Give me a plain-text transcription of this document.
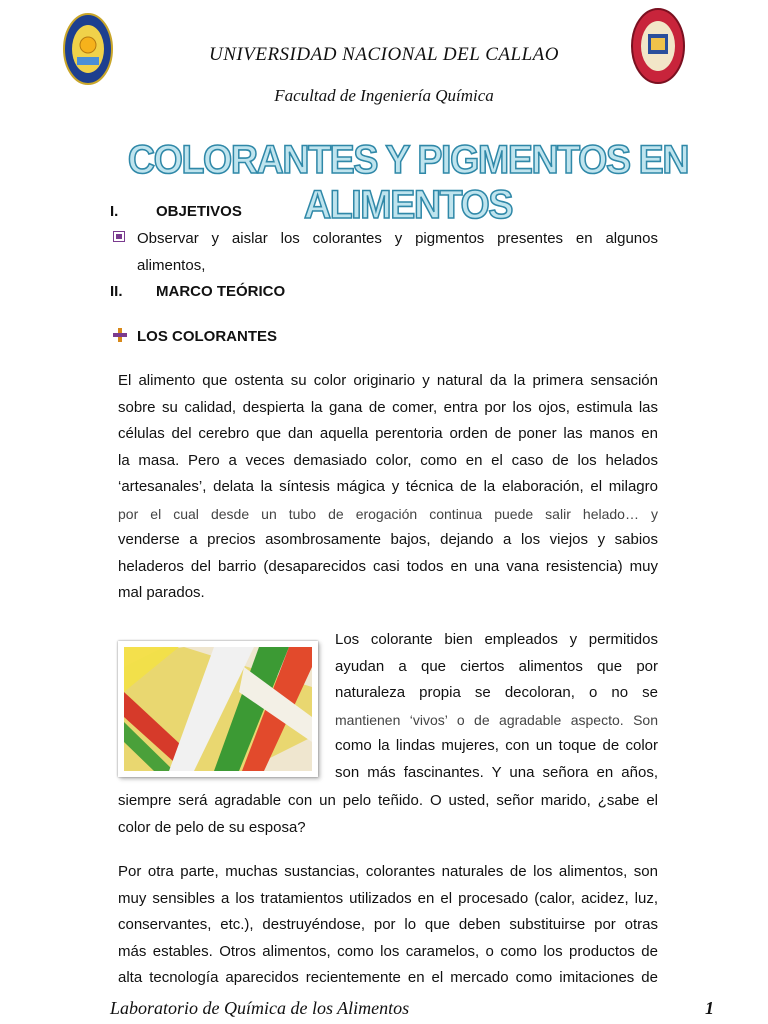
UNIVERSIDAD NACIONAL DEL CALLAO
Facultad de Ingeniería Química
COLORANTES Y PIGMENTOS EN ALIMENTOS
I.	OBJETIVOS
Observar y aislar los colorantes y pigmentos presentes en algunos
alimentos,
II. MARCO TEÓRICO
LOS COLORANTES
El alimento que ostenta su color originario y natural da la primera sensación
sobre su calidad, despierta la gana de comer, entra por los ojos, estimula las
células del cerebro que dan aquella perentoria orden de poner las manos en
la masa. Pero a veces demasiado color, como en el caso de los helados
‘artesanales’, delata la síntesis mágica y técnica de la elaboración, el milagro
por el cual desde un tubo de erogación continua puede salir helado… y
venderse a precios asombrosamente bajos, dejando a los viejos y sabios
heladeros del barrio (desaparecidos casi todos en una vana resistencia) muy
mal parados.
Los colorante bien empleados y permitidos
ayudan a que ciertos alimentos que por
naturaleza propia se decoloran, o no se
mantienen ‘vivos’ o de agradable aspecto. Son
como la lindas mujeres, con un toque de color
son más fascinantes. Y una señora en años,
siempre será agradable con un pelo teñido. O usted, señor marido, ¿sabe el
color de pelo de su esposa?
Por otra parte, muchas sustancias, colorantes naturales de los alimentos, son
muy sensibles a los tratamientos utilizados en el procesado (calor, acidez, luz,
conservantes, etc.), destruyéndose, por lo que deben substituirse por otras
más estables. Otros alimentos, como los caramelos, o como los productos de
alta tecnología aparecidos recientemente en el mercado como imitaciones de
Laboratorio de Química de los Alimentos	1
